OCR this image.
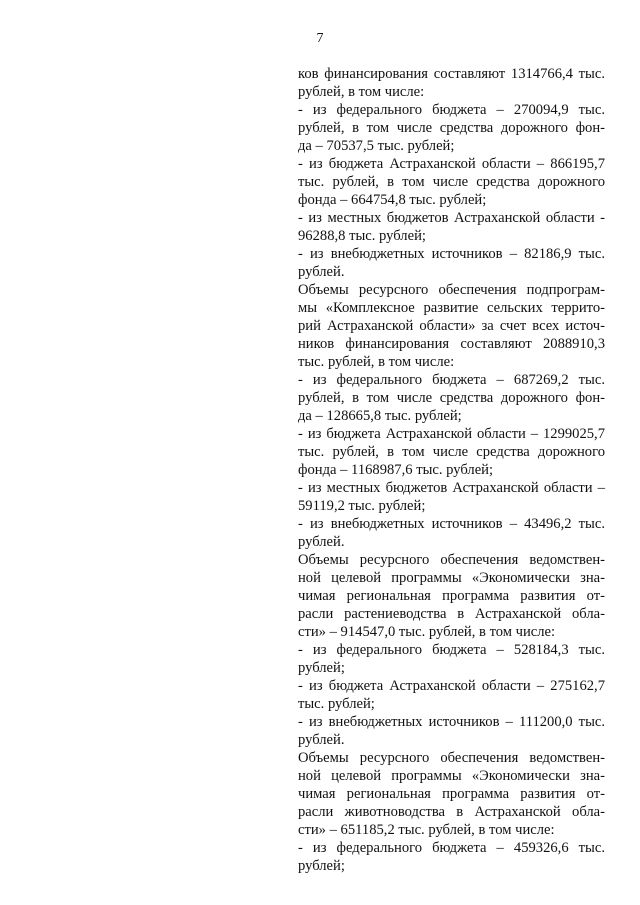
7
ков финансирования составляют 1314766,4 тыс.
рублей, в том числе:
- из федерального бюджета – 270094,9 тыс.
рублей, в том числе средства дорожного фон-
да – 70537,5 тыс. рублей;
- из бюджета Астраханской области – 866195,7
тыс. рублей, в том числе средства дорожного
фонда – 664754,8 тыс. рублей;
- из местных бюджетов Астраханской области -
96288,8 тыс. рублей;
- из внебюджетных источников – 82186,9 тыс.
рублей.
Объемы ресурсного обеспечения подпрограм-
мы «Комплексное развитие сельских террито-
рий Астраханской области» за счет всех источ-
ников финансирования составляют 2088910,3
тыс. рублей, в том числе:
- из федерального бюджета – 687269,2 тыс.
рублей, в том числе средства дорожного фон-
да – 128665,8 тыс. рублей;
- из бюджета Астраханской области – 1299025,7
тыс. рублей, в том числе средства дорожного
фонда – 1168987,6 тыс. рублей;
- из местных бюджетов Астраханской области –
59119,2 тыс. рублей;
- из внебюджетных источников – 43496,2 тыс.
рублей.
Объемы ресурсного обеспечения ведомствен-
ной целевой программы «Экономически зна-
чимая региональная программа развития от-
расли растениеводства в Астраханской обла-
сти» – 914547,0 тыс. рублей, в том числе:
- из федерального бюджета – 528184,3 тыс.
рублей;
- из бюджета Астраханской области – 275162,7
тыс. рублей;
- из внебюджетных источников – 111200,0 тыс.
рублей.
Объемы ресурсного обеспечения ведомствен-
ной целевой программы «Экономически зна-
чимая региональная программа развития от-
расли животноводства в Астраханской обла-
сти» – 651185,2 тыс. рублей, в том числе:
- из федерального бюджета – 459326,6 тыс.
рублей;
